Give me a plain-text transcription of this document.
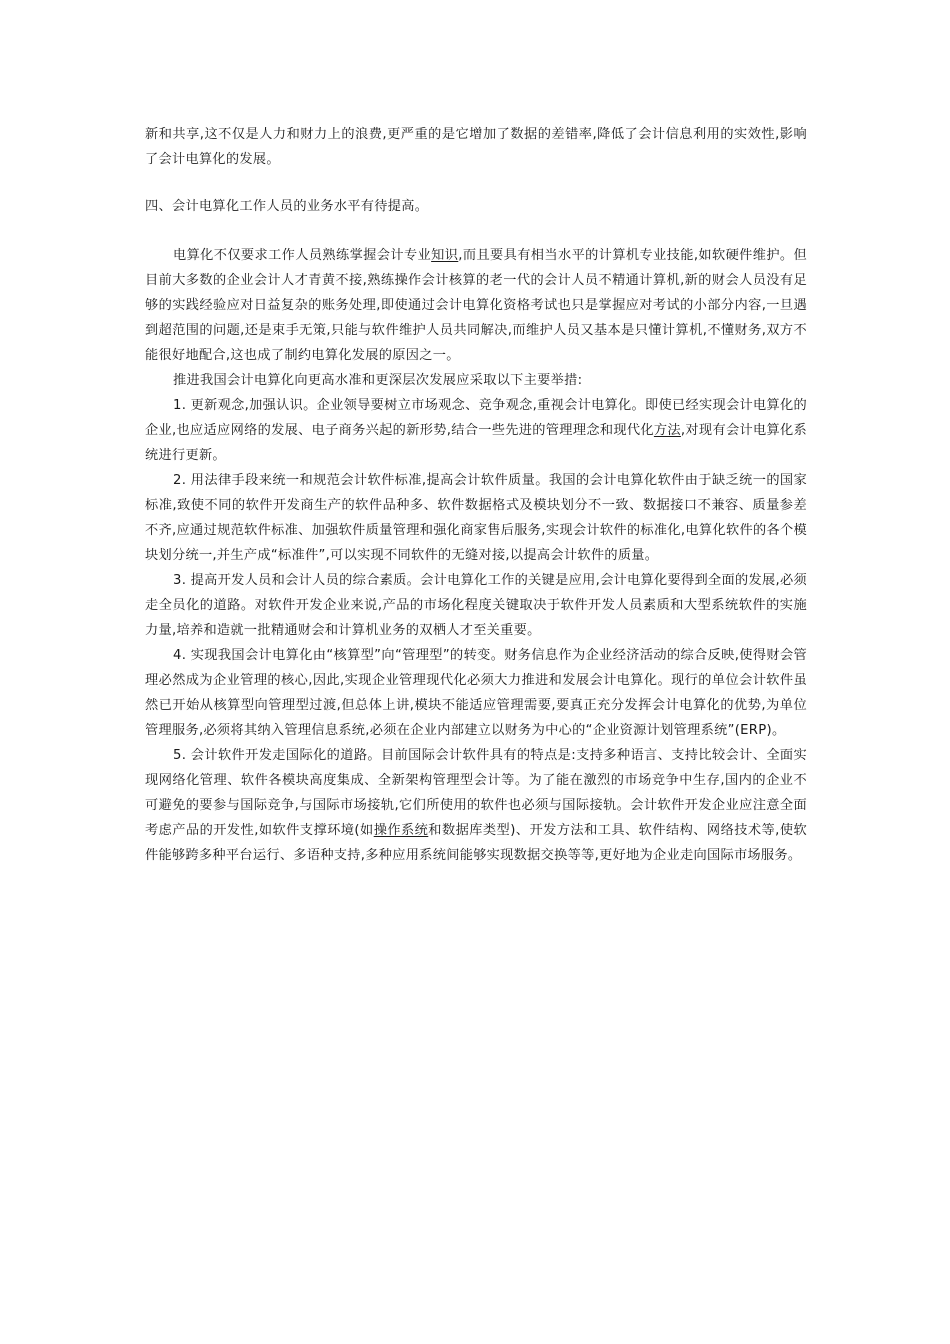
新和共享,这不仅是人力和财力上的浪费,更严重的是它增加了数据的差错率,降低了会计信息利用的实效性,影响了会计电算化的发展。

四、会计电算化工作人员的业务水平有待提高。

电算化不仅要求工作人员熟练掌握会计专业知识,而且要具有相当水平的计算机专业技能,如软硬件维护。但目前大多数的企业会计人才青黄不接,熟练操作会计核算的老一代的会计人员不精通计算机,新的财会人员没有足够的实践经验应对日益复杂的账务处理,即使通过会计电算化资格考试也只是掌握应对考试的小部分内容,一旦遇到超范围的问题,还是束手无策,只能与软件维护人员共同解决,而维护人员又基本是只懂计算机,不懂财务,双方不能很好地配合,这也成了制约电算化发展的原因之一。

推进我国会计电算化向更高水准和更深层次发展应采取以下主要举措:

1. 更新观念,加强认识。企业领导要树立市场观念、竞争观念,重视会计电算化。即使已经实现会计电算化的企业,也应适应网络的发展、电子商务兴起的新形势,结合一些先进的管理理念和现代化方法,对现有会计电算化系统进行更新。

2. 用法律手段来统一和规范会计软件标准,提高会计软件质量。我国的会计电算化软件由于缺乏统一的国家标准,致使不同的软件开发商生产的软件品种多、软件数据格式及模块划分不一致、数据接口不兼容、质量参差不齐,应通过规范软件标准、加强软件质量管理和强化商家售后服务,实现会计软件的标准化,电算化软件的各个模块划分统一,并生产成“标准件”,可以实现不同软件的无缝对接,以提高会计软件的质量。

3. 提高开发人员和会计人员的综合素质。会计电算化工作的关键是应用,会计电算化要得到全面的发展,必须走全员化的道路。对软件开发企业来说,产品的市场化程度关键取决于软件开发人员素质和大型系统软件的实施力量,培养和造就一批精通财会和计算机业务的双栖人才至关重要。

4. 实现我国会计电算化由“核算型”向“管理型”的转变。财务信息作为企业经济活动的综合反映,使得财会管理必然成为企业管理的核心,因此,实现企业管理现代化必须大力推进和发展会计电算化。现行的单位会计软件虽然已开始从核算型向管理型过渡,但总体上讲,模块不能适应管理需要,要真正充分发挥会计电算化的优势,为单位管理服务,必须将其纳入管理信息系统,必须在企业内部建立以财务为中心的“企业资源计划管理系统”(ERP)。

5. 会计软件开发走国际化的道路。目前国际会计软件具有的特点是:支持多种语言、支持比较会计、全面实现网络化管理、软件各模块高度集成、全新架构管理型会计等。为了能在激烈的市场竞争中生存,国内的企业不可避免的要参与国际竞争,与国际市场接轨,它们所使用的软件也必须与国际接轨。会计软件开发企业应注意全面考虑产品的开发性,如软件支撑环境(如操作系统和数据库类型)、开发方法和工具、软件结构、网络技术等,使软件能够跨多种平台运行、多语种支持,多种应用系统间能够实现数据交换等等,更好地为企业走向国际市场服务。
